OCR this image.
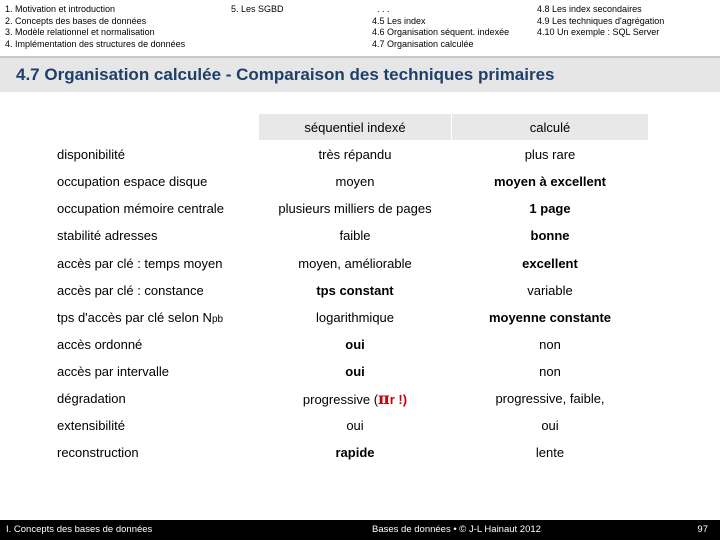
1. Motivation et introduction
2. Concepts des bases de données
3. Modèle relationnel et normalisation
4. Implémentation des structures de données
5. Les SGBD	. . .
4.5 Les index
4.6 Organisation séquent. indexée
4.7 Organisation calculée
4.8 Les index secondaires
4.9 Les techniques d'agrégation
4.10 Un exemple : SQL Server
4.7 Organisation calculée - Comparaison des techniques primaires
séquentiel indexé	calculé
disponibilité	très répandu	plus rare
occupation espace disque	moyen	moyen à excellent
occupation mémoire centrale	plusieurs milliers de pages	1 page
stabilité adresses	faible	bonne
accès par clé : temps moyen	moyen, améliorable	excellent
accès par clé : constance	tps constant	variable
tps d'accès par clé selon Npb	logarithmique	moyenne constante
accès ordonné	oui	non
accès par intervalle	oui	non
dégradation	progressive (πr !)	progressive, faible,
extensibilité	oui	oui
reconstruction	rapide	lente
I. Concepts des bases de données	Bases de données • © J-L Hainaut 2012	97
